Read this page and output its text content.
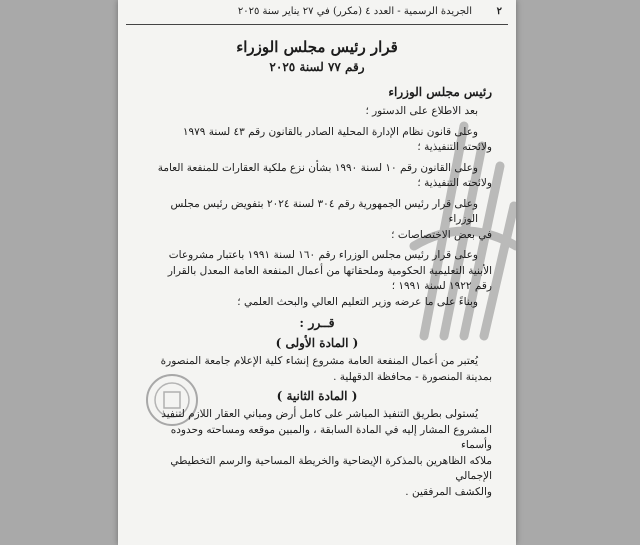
٢
الجريدة الرسمية - العدد ٤ (مكرر) في ٢٧ يناير سنة ٢٠٢٥

قرار رئيس مجلس الوزراء

رقم ٧٧ لسنة ٢٠٢٥

رئيس مجلس الوزراء

بعد الاطلاع على الدستور ؛

وعلى قانون نظام الإدارة المحلية الصادر بالقانون رقم ٤٣ لسنة ١٩٧٩

ولائحته التنفيذية ؛

وعلى القانون رقم ١٠ لسنة ١٩٩٠ بشأن نزع ملكية العقارات للمنفعة العامة

ولائحته التنفيذية ؛

وعلى قرار رئيس الجمهورية رقم ٣٠٤ لسنة ٢٠٢٤ بتفويض رئيس مجلس الوزراء

في بعض الاختصاصات ؛

وعلى قرار رئيس مجلس الوزراء رقم ١٦٠ لسنة ١٩٩١ باعتبار مشروعات

الأبنية التعليمية الحكومية وملحقاتها من أعمال المنفعة العامة المعدل بالقرار

رقم ١٩٢٢ لسنة ١٩٩١ ؛

وبناءً على ما عرضه وزير التعليم العالي والبحث العلمي ؛

قــرر :
( المادة الأولى )

يُعتبر من أعمال المنفعة العامة مشروع إنشاء كلية الإعلام جامعة المنصورة

بمدينة المنصورة - محافظة الدقهلية .

( المادة الثانية )

يُستولى بطريق التنفيذ المباشر على كامل أرض ومباني العقار اللازم لتنفيذ

المشروع المشار إليه في المادة السابقة ، والمبين موقعه ومساحته وحدوده وأسماء

ملاكه الظاهرين بالمذكرة الإيضاحية والخريطة المساحية والرسم التخطيطي الإجمالي

والكشف المرفقين .
